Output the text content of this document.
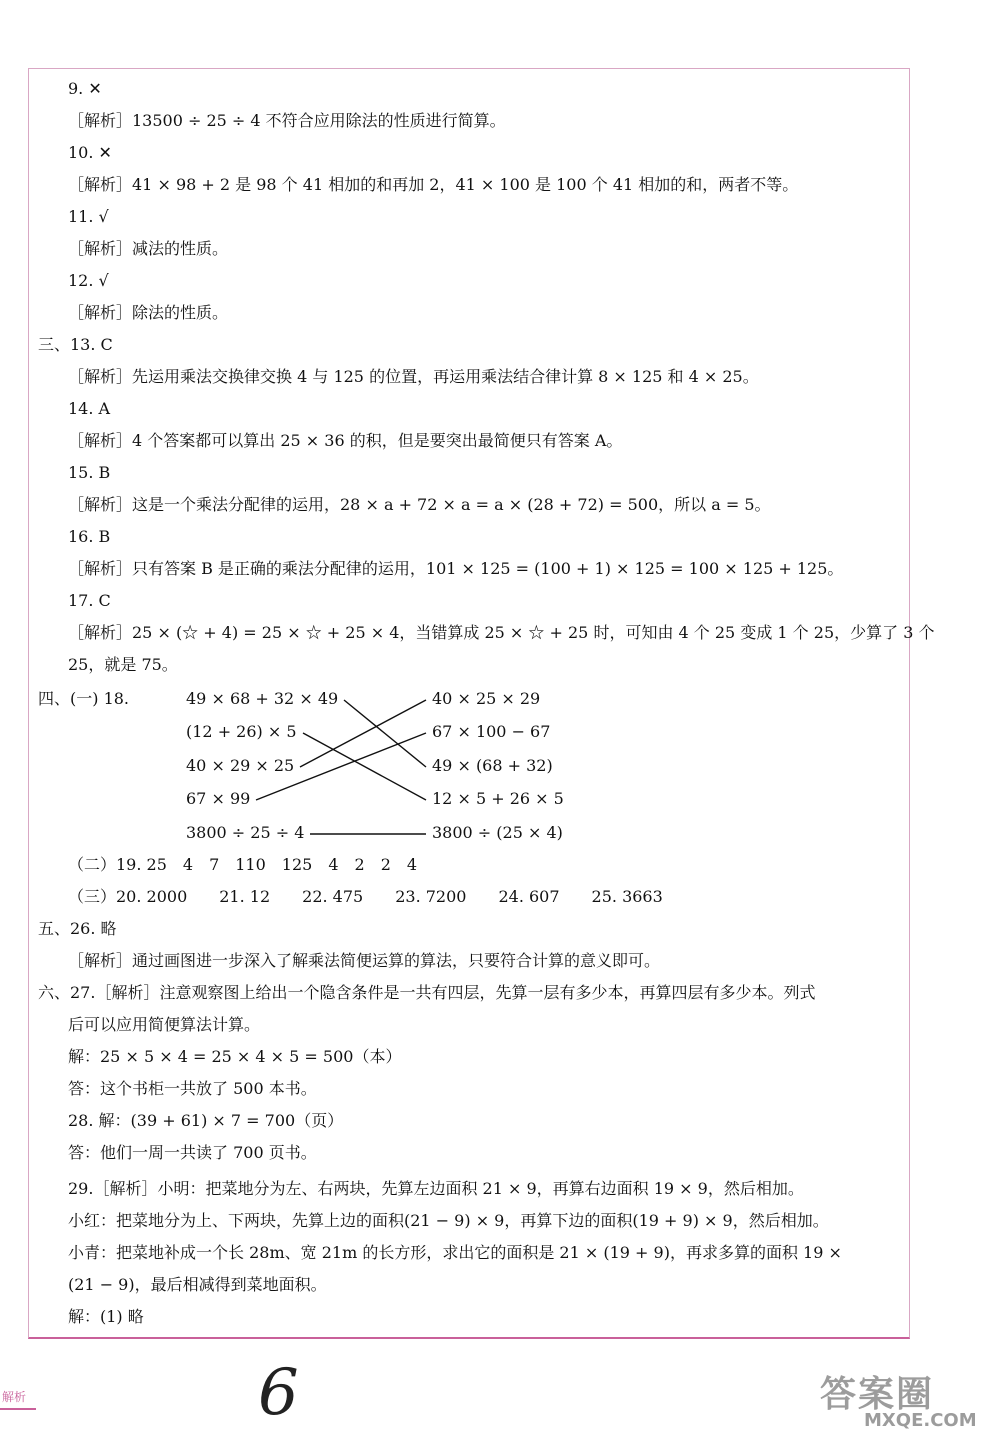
9. ✕
［解析］13500 ÷ 25 ÷ 4 不符合应用除法的性质进行简算。
10. ✕
［解析］41 × 98 + 2 是 98 个 41 相加的和再加 2，41 × 100 是 100 个 41 相加的和，两者不等。
11. √
［解析］减法的性质。
12. √
［解析］除法的性质。
三、13. C
［解析］先运用乘法交换律交换 4 与 125 的位置，再运用乘法结合律计算 8 × 125 和 4 × 25。
14. A
［解析］4 个答案都可以算出 25 × 36 的积，但是要突出最简便只有答案 A。
15. B
［解析］这是一个乘法分配律的运用，28 × a + 72 × a = a × (28 + 72) = 500，所以 a = 5。
16. B
［解析］只有答案 B 是正确的乘法分配律的运用，101 × 125 = (100 + 1) × 125 = 100 × 125 + 125。
17. C
［解析］25 × (☆ + 4) = 25 × ☆ + 25 × 4，当错算成 25 × ☆ + 25 时，可知由 4 个 25 变成 1 个 25，少算了 3 个
25，就是 75。
四、(一) 18.	49 × 68 + 32 × 49
(12 + 26) × 5
40 × 29 × 25
67 × 99
3800 ÷ 25 ÷ 4
40 × 25 × 29
67 × 100 − 67
49 × (68 + 32)
12 × 5 + 26 × 5
3800 ÷ (25 × 4)
（二）19. 25　4　7　110　125　4　2　2　4
（三）20. 2000　　21. 12　　22. 475　　23. 7200　　24. 607　　25. 3663
五、26. 略
［解析］通过画图进一步深入了解乘法简便运算的算法，只要符合计算的意义即可。
六、27.［解析］注意观察图上给出一个隐含条件是一共有四层，先算一层有多少本，再算四层有多少本。列式
后可以应用简便算法计算。
解：25 × 5 × 4 = 25 × 4 × 5 = 500（本）
答：这个书柜一共放了 500 本书。
28. 解：(39 + 61) × 7 = 700（页）
答：他们一周一共读了 700 页书。
29.［解析］小明：把菜地分为左、右两块，先算左边面积 21 × 9，再算右边面积 19 × 9，然后相加。
小红：把菜地分为上、下两块，先算上边的面积(21 − 9) × 9，再算下边的面积(19 + 9) × 9，然后相加。
小青：把菜地补成一个长 28m、宽 21m 的长方形，求出它的面积是 21 × (19 + 9)，再求多算的面积 19 ×
(21 − 9)，最后相减得到菜地面积。
解：(1) 略
解析	6	答案圈
MXQE.COM
